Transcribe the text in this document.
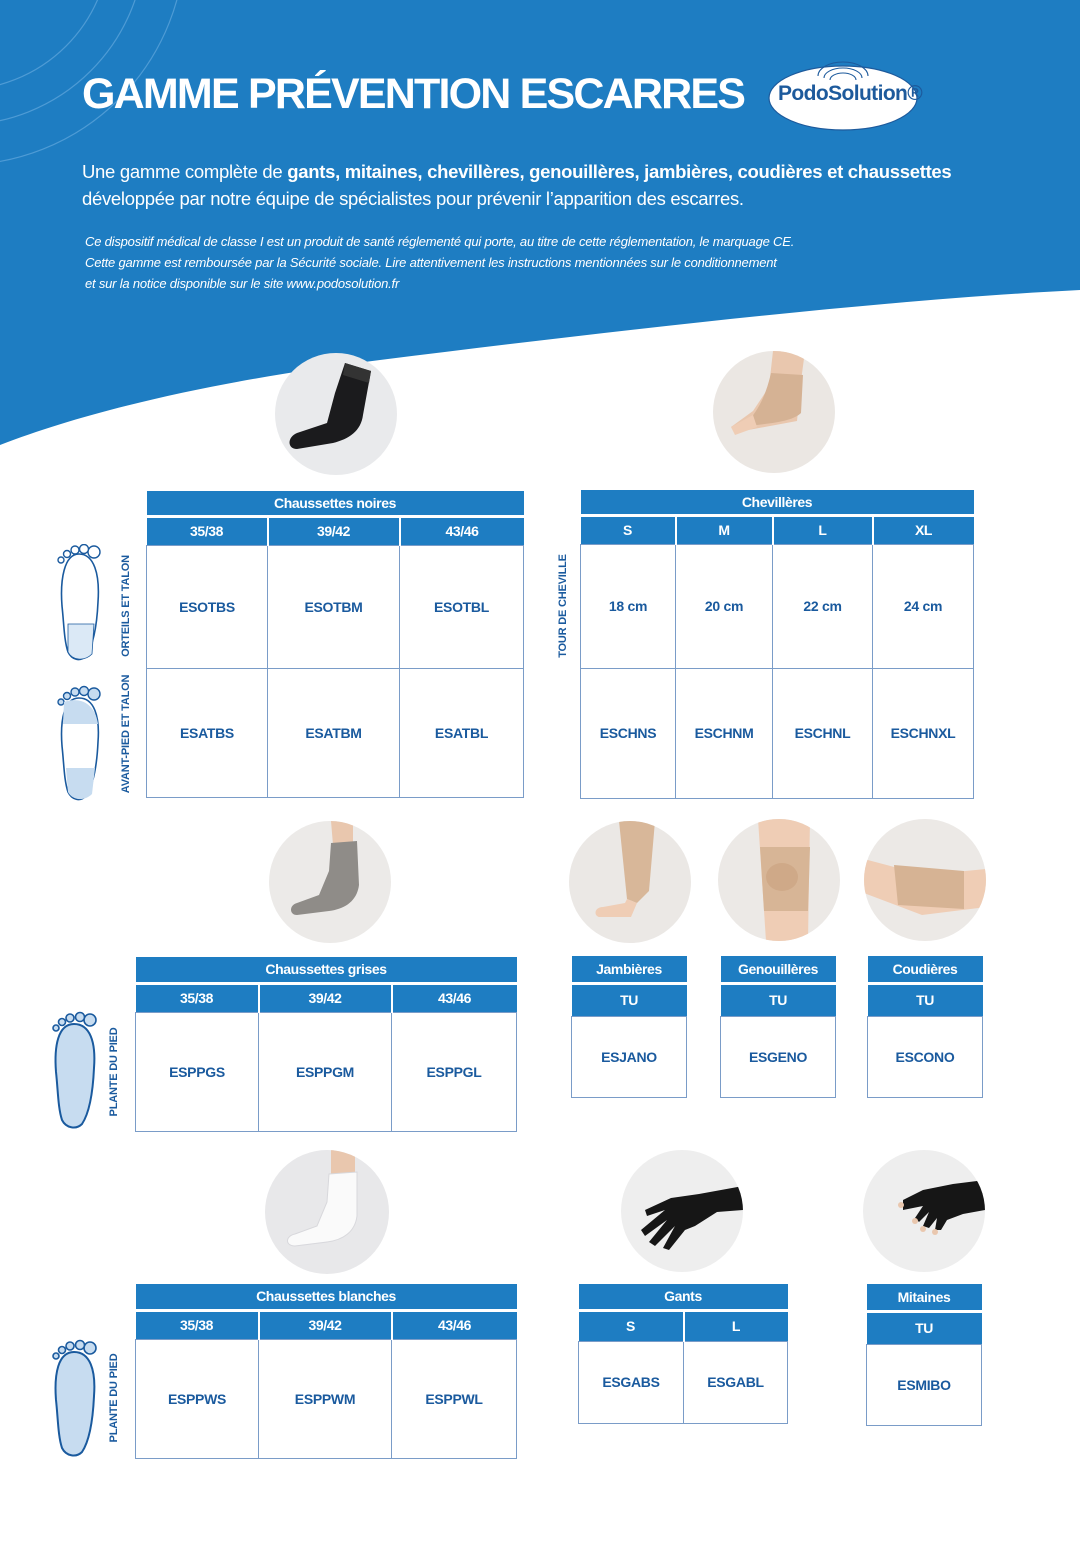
GAMME PRÉVENTION ESCARRES PodoSolution®
Une gamme complète de gants, mitaines, chevillères, genouillères, jambières, coudières et chaussettes développée par notre équipe de spécialistes pour prévenir l’apparition des escarres.
Ce dispositif médical de classe I est un produit de santé réglementé qui porte, au titre de cette réglementation, le marquage CE.
Cette gamme est remboursée par la Sécurité sociale. Lire attentivement les instructions mentionnées sur le conditionnement
et sur la notice disponible sur le site www.podosolution.fr
ORTEILS ET TALON
AVANT-PIED ET TALON
TOUR DE CHEVILLE
PLANTE DU PIED
PLANTE DU PIED
Chaussettes noires		
35/38	39/42	43/46
ESOTBS	ESOTBM	ESOTBL
ESATBS	ESATBM	ESATBL
Chevillères			
S	M	L	XL
18 cm	20 cm	22 cm	24 cm
ESCHNS	ESCHNM	ESCHNL	ESCHNXL
Chaussettes grises		
35/38	39/42	43/46
ESPPGS	ESPPGM	ESPPGL
Jambières
TU
ESJANO
Genouillères
TU
ESGENO
Coudières
TU
ESCONO
Chaussettes blanches		
35/38	39/42	43/46
ESPPWS	ESPPWM	ESPPWL
Gants	
S	L
ESGABS	ESGABL
Mitaines
TU
ESMIBO
